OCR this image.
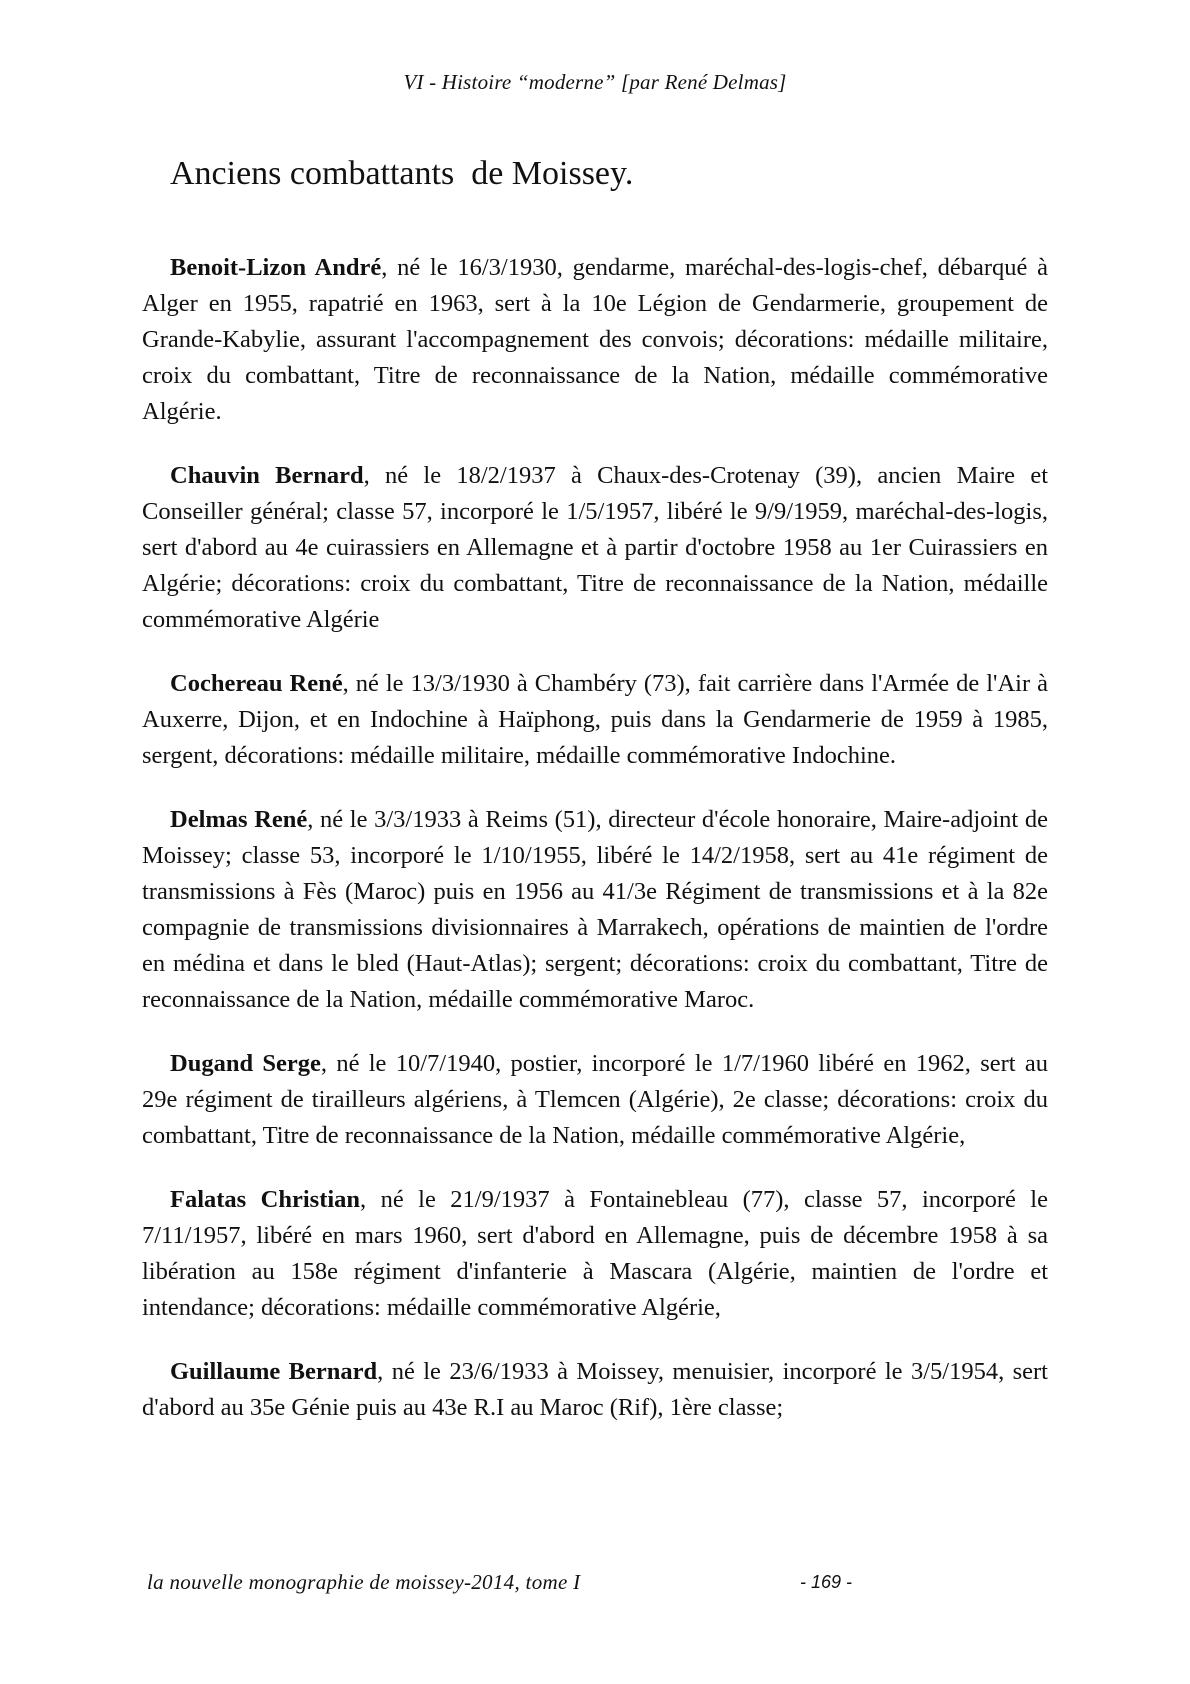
VI - Histoire “moderne” [par René Delmas]
Anciens combattants  de Moissey.

Benoit-Lizon André, né le 16/3/1930, gendarme, maréchal-des-logis-chef, débarqué à Alger en 1955, rapatrié en 1963, sert à la 10e Légion de Gendarmerie, groupement de Grande-Kabylie, assurant l'accompagnement des convois; décorations: médaille militaire, croix du combattant, Titre de reconnaissance de la Nation, médaille commémorative Algérie.

Chauvin Bernard, né le 18/2/1937 à Chaux-des-Crotenay (39), ancien Maire et Conseiller général; classe 57, incorporé le 1/5/1957, libéré le 9/9/1959, maréchal-des-logis, sert d'abord au 4e cuirassiers en Allemagne et à partir d'octobre 1958 au 1er Cuirassiers en Algérie; décorations: croix du combattant, Titre de reconnaissance de la Nation, médaille commémorative Algérie

Cochereau René, né le 13/3/1930 à Chambéry (73), fait carrière dans l'Armée de l'Air à Auxerre, Dijon, et en Indochine à Haïphong, puis dans la Gendarmerie de 1959 à 1985, sergent, décorations: médaille militaire, médaille commémorative Indochine.

Delmas René, né le 3/3/1933 à Reims (51), directeur d'école honoraire, Maire-adjoint de Moissey; classe 53, incorporé le 1/10/1955, libéré le 14/2/1958, sert au 41e régiment de transmissions à Fès (Maroc) puis en 1956 au 41/3e Régiment de transmissions et à la 82e compagnie de transmissions divisionnaires à Marrakech, opérations de maintien de l'ordre en médina et dans le bled (Haut-Atlas); sergent; décorations: croix du combattant, Titre de reconnaissance de la Nation, médaille commémorative Maroc.

Dugand Serge, né le 10/7/1940, postier, incorporé le 1/7/1960 libéré en 1962, sert au 29e régiment de tirailleurs algériens, à Tlemcen (Algérie), 2e classe; décorations: croix du combattant, Titre de reconnaissance de la Nation, médaille commémorative Algérie,

Falatas Christian, né le 21/9/1937 à Fontainebleau (77), classe 57, incorporé le 7/11/1957, libéré en mars 1960, sert d'abord en Allemagne, puis de décembre 1958 à sa libération au 158e régiment d'infanterie à Mascara (Algérie, maintien de l'ordre et intendance; décorations: médaille commémorative Algérie,

Guillaume Bernard, né le 23/6/1933 à Moissey, menuisier, incorporé le 3/5/1954, sert d'abord au 35e Génie puis au 43e R.I au Maroc (Rif), 1ère classe;

la nouvelle monographie de moissey-2014, tome I	- 169 -
